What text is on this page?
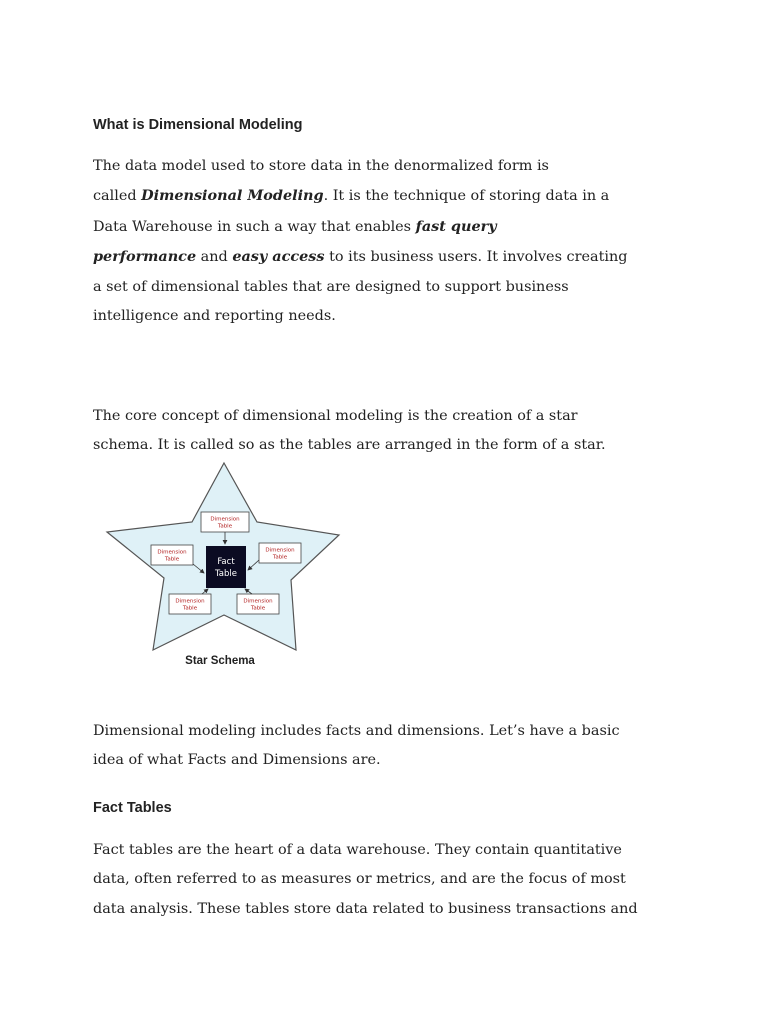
What is Dimensional Modeling

The data model used to store data in the denormalized form is
called Dimensional Modeling. It is the technique of storing data in a
Data Warehouse in such a way that enables fast query
performance and easy access to its business users. It involves creating
a set of dimensional tables that are designed to support business
intelligence and reporting needs.

The core concept of dimensional modeling is the creation of a star
schema. It is called so as the tables are arranged in the form of a star.

Dimensional modeling includes facts and dimensions. Let’s have a basic
idea of what Facts and Dimensions are.

Fact Tables

Fact tables are the heart of a data warehouse. They contain quantitative
data, often referred to as measures or metrics, and are the focus of most
data analysis. These tables store data related to business transactions and

Fact
Table
Dimension
Table
Dimension
Table
Dimension
Table
Dimension
Table
Dimension
Table
Star Schema
